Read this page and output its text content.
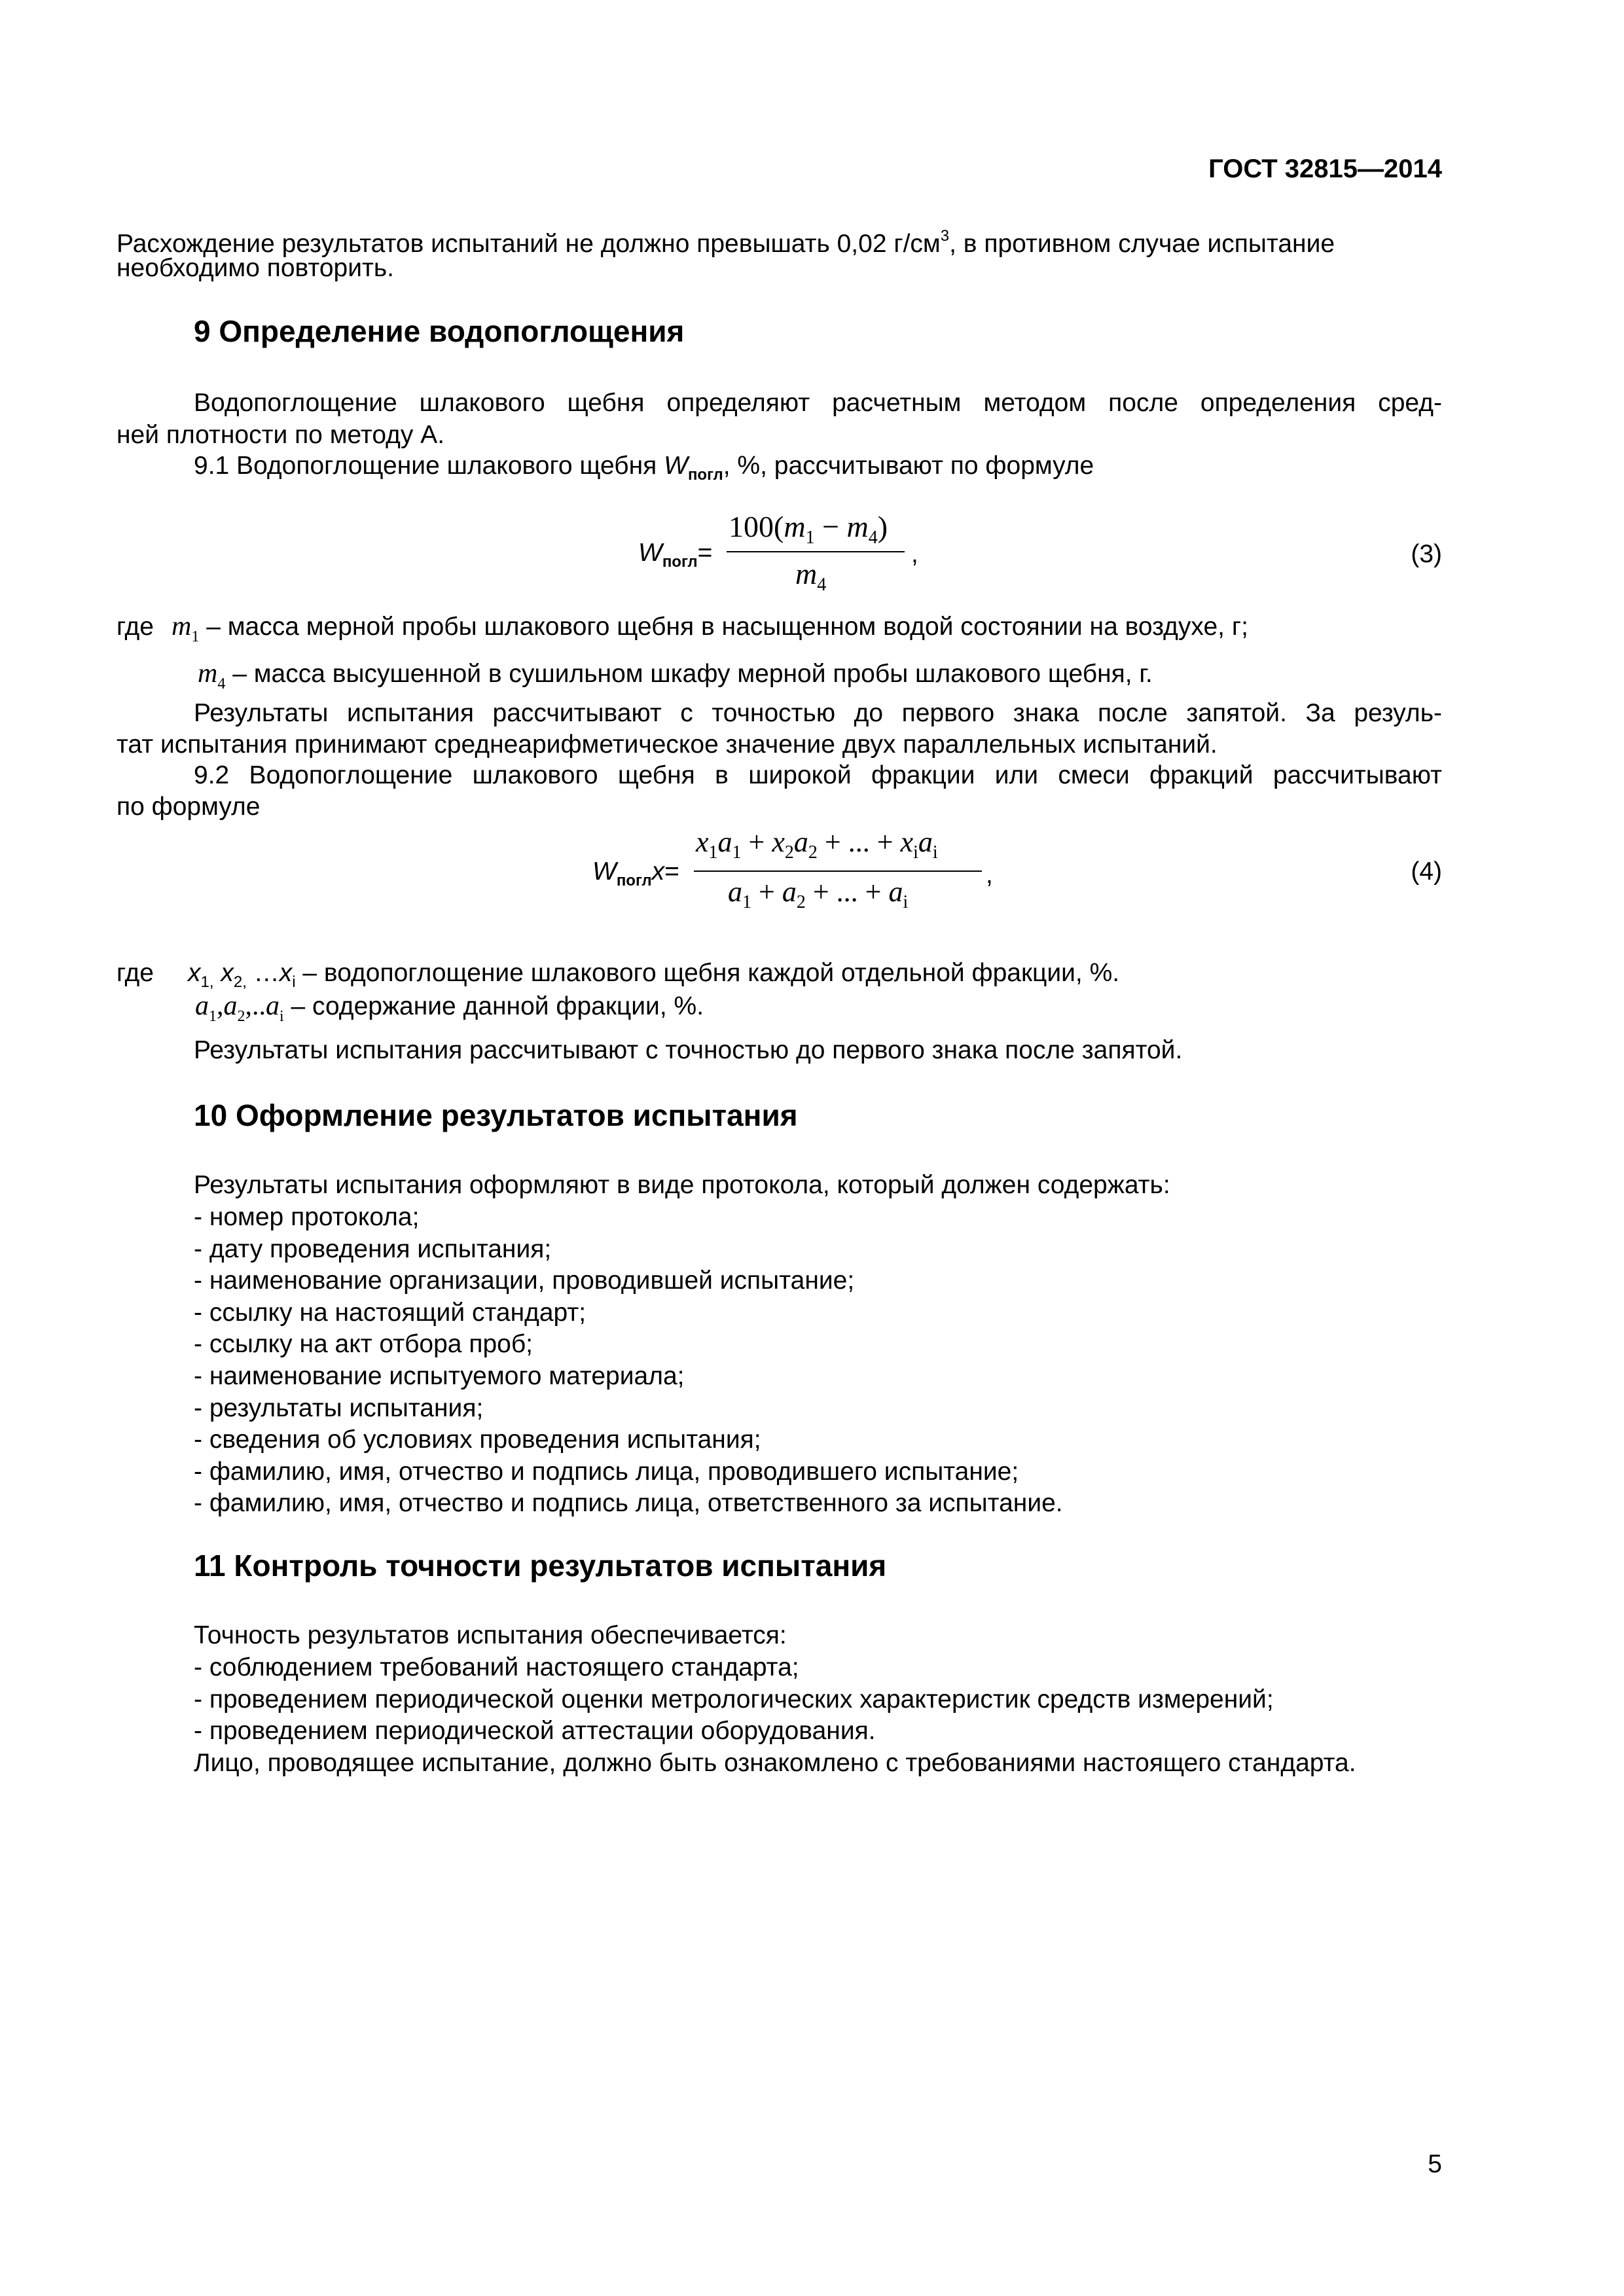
ГОСТ 32815—2014
Расхождение результатов испытаний не должно превышать 0,02 $г/см^3$, в противном случае испытание
необходимо повторить.
9 Определение водопоглощения
Водопоглощение шлакового щебня определяют расчетным методом после определения сред-
ней плотности по методу А.
9.1 Водопоглощение шлакового щебня $W_{погл}$, %, рассчитывают по формуле
$W_{погл}=$
$100(m_1 - m_4)$
$m_4$
,	(3)
где $m_1$ – масса мерной пробы шлакового щебня в насыщенном водой состоянии на воздухе, г;
$m_4$ – масса высушенной в сушильном шкафу мерной пробы шлакового щебня, г.
Результаты испытания рассчитывают с точностью до первого знака после запятой. За резуль-
тат испытания принимают среднеарифметическое значение двух параллельных испытаний.
9.2 Водопоглощение шлакового щебня в широкой фракции или смеси фракций рассчитывают
по формуле
$W_{погл}x=$
$x_1a_1 + x_2a_2$ + ... + $x_ia_i$
$a_1 + a_2$ + ... + $a_i$
,	(4)
где $x_{1,}$ $x_{2,}$ $\dots x_i$ – водопоглощение шлакового щебня каждой отдельной фракции, %.
$a_1,a_2,..a_i$ – содержание данной фракции, %.
Результаты испытания рассчитывают с точностью до первого знака после запятой.
10 Оформление результатов испытания
Результаты испытания оформляют в виде протокола, который должен содержать:
- номер протокола;
- дату проведения испытания;
- наименование организации, проводившей испытание;
- ссылку на настоящий стандарт;
- ссылку на акт отбора проб;
- наименование испытуемого материала;
- результаты испытания;
- сведения об условиях проведения испытания;
- фамилию, имя, отчество и подпись лица, проводившего испытание;
- фамилию, имя, отчество и подпись лица, ответственного за испытание.
11 Контроль точности результатов испытания
Точность результатов испытания обеспечивается:
- соблюдением требований настоящего стандарта;
- проведением периодической оценки метрологических характеристик средств измерений;
- проведением периодической аттестации оборудования.
Лицо, проводящее испытание, должно быть ознакомлено с требованиями настоящего стандарта.
5
